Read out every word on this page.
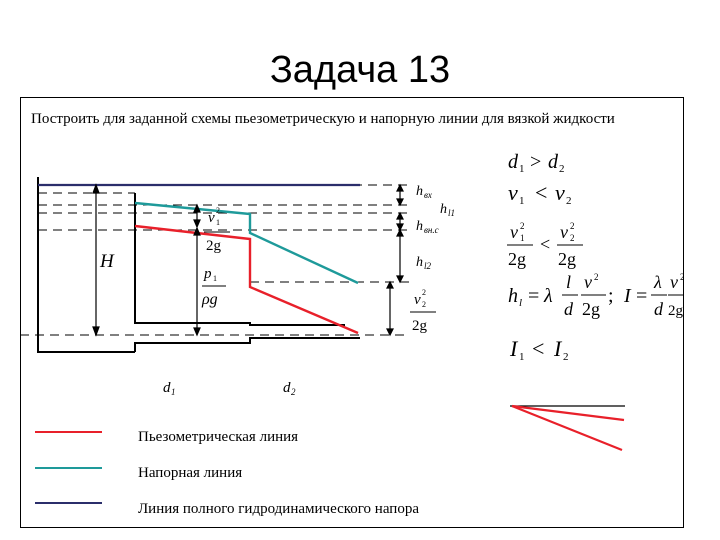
Задача 13
Построить для заданной схемы пьезометрическую и напорную линии для вязкой жидкости
H
v 1
2
2g
p 1
ρg
h вх
h l1
h вн.с
h l2
v 2
2
2g
d 1	d 2
d 1 > d 2
v 1 < v 2
v 2
1
2g
<
v 2
2
2g
h l = λ
l
d
v 2
2g
; I =
λ
d
v 2
2g
I 1 < I 2
Пьезометрическая линия
Напорная линия
Линия полного гидродинамического напора
